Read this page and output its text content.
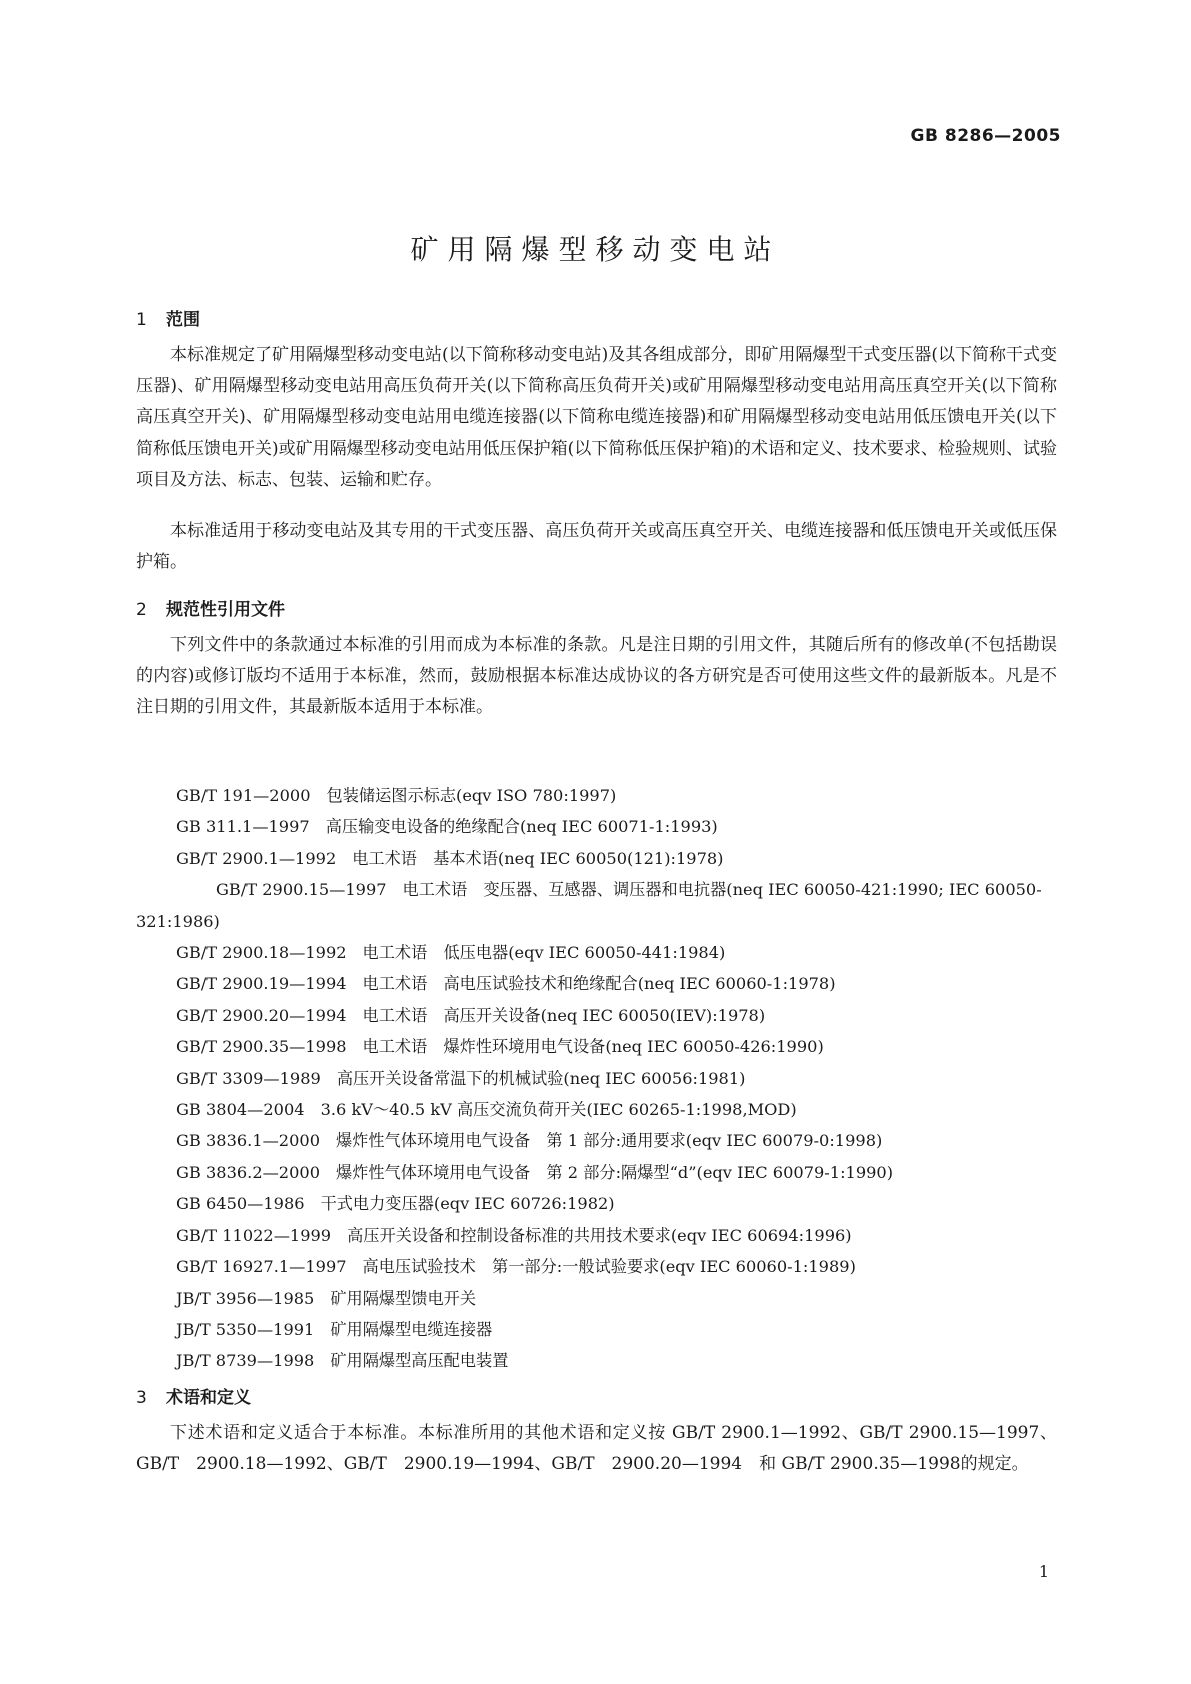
GB 8286—2005
矿用隔爆型移动变电站
1 范围

本标准规定了矿用隔爆型移动变电站(以下简称移动变电站)及其各组成部分，即矿用隔爆型干式变压器(以下简称干式变压器)、矿用隔爆型移动变电站用高压负荷开关(以下简称高压负荷开关)或矿用隔爆型移动变电站用高压真空开关(以下简称高压真空开关)、矿用隔爆型移动变电站用电缆连接器(以下简称电缆连接器)和矿用隔爆型移动变电站用低压馈电开关(以下简称低压馈电开关)或矿用隔爆型移动变电站用低压保护箱(以下简称低压保护箱)的术语和定义、技术要求、检验规则、试验项目及方法、标志、包装、运输和贮存。

本标准适用于移动变电站及其专用的干式变压器、高压负荷开关或高压真空开关、电缆连接器和低压馈电开关或低压保护箱。

2 规范性引用文件

下列文件中的条款通过本标准的引用而成为本标准的条款。凡是注日期的引用文件，其随后所有的修改单(不包括勘误的内容)或修订版均不适用于本标准，然而，鼓励根据本标准达成协议的各方研究是否可使用这些文件的最新版本。凡是不注日期的引用文件，其最新版本适用于本标准。

GB/T 191—2000 包装储运图示标志(eqv ISO 780:1997)
GB 311.1—1997 高压输变电设备的绝缘配合(neq IEC 60071-1:1993)
GB/T 2900.1—1992 电工术语　基本术语(neq IEC 60050(121):1978)
GB/T 2900.15—1997 电工术语　变压器、互感器、调压器和电抗器(neq IEC 60050-421:1990; IEC 60050-321:1986)
GB/T 2900.18—1992 电工术语　低压电器(eqv IEC 60050-441:1984)
GB/T 2900.19—1994 电工术语　高电压试验技术和绝缘配合(neq IEC 60060-1:1978)
GB/T 2900.20—1994 电工术语　高压开关设备(neq IEC 60050(IEV):1978)
GB/T 2900.35—1998 电工术语　爆炸性环境用电气设备(neq IEC 60050-426:1990)
GB/T 3309—1989 高压开关设备常温下的机械试验(neq IEC 60056:1981)
GB 3804—2004 3.6 kV～40.5 kV 高压交流负荷开关(IEC 60265-1:1998,MOD)
GB 3836.1—2000 爆炸性气体环境用电气设备　第 1 部分:通用要求(eqv IEC 60079-0:1998)
GB 3836.2—2000 爆炸性气体环境用电气设备　第 2 部分:隔爆型“d”(eqv IEC 60079-1:1990)
GB 6450—1986 干式电力变压器(eqv IEC 60726:1982)
GB/T 11022—1999 高压开关设备和控制设备标准的共用技术要求(eqv IEC 60694:1996)
GB/T 16927.1—1997 高电压试验技术　第一部分:一般试验要求(eqv IEC 60060-1:1989)
JB/T 3956—1985 矿用隔爆型馈电开关
JB/T 5350—1991 矿用隔爆型电缆连接器
JB/T 8739—1998 矿用隔爆型高压配电装置
3 术语和定义

下述术语和定义适合于本标准。本标准所用的其他术语和定义按 GB/T 2900.1—1992、GB/T 2900.15—1997、GB/T　2900.18—1992、GB/T　2900.19—1994、GB/T　2900.20—1994　和 GB/T 2900.35—1998的规定。

1
